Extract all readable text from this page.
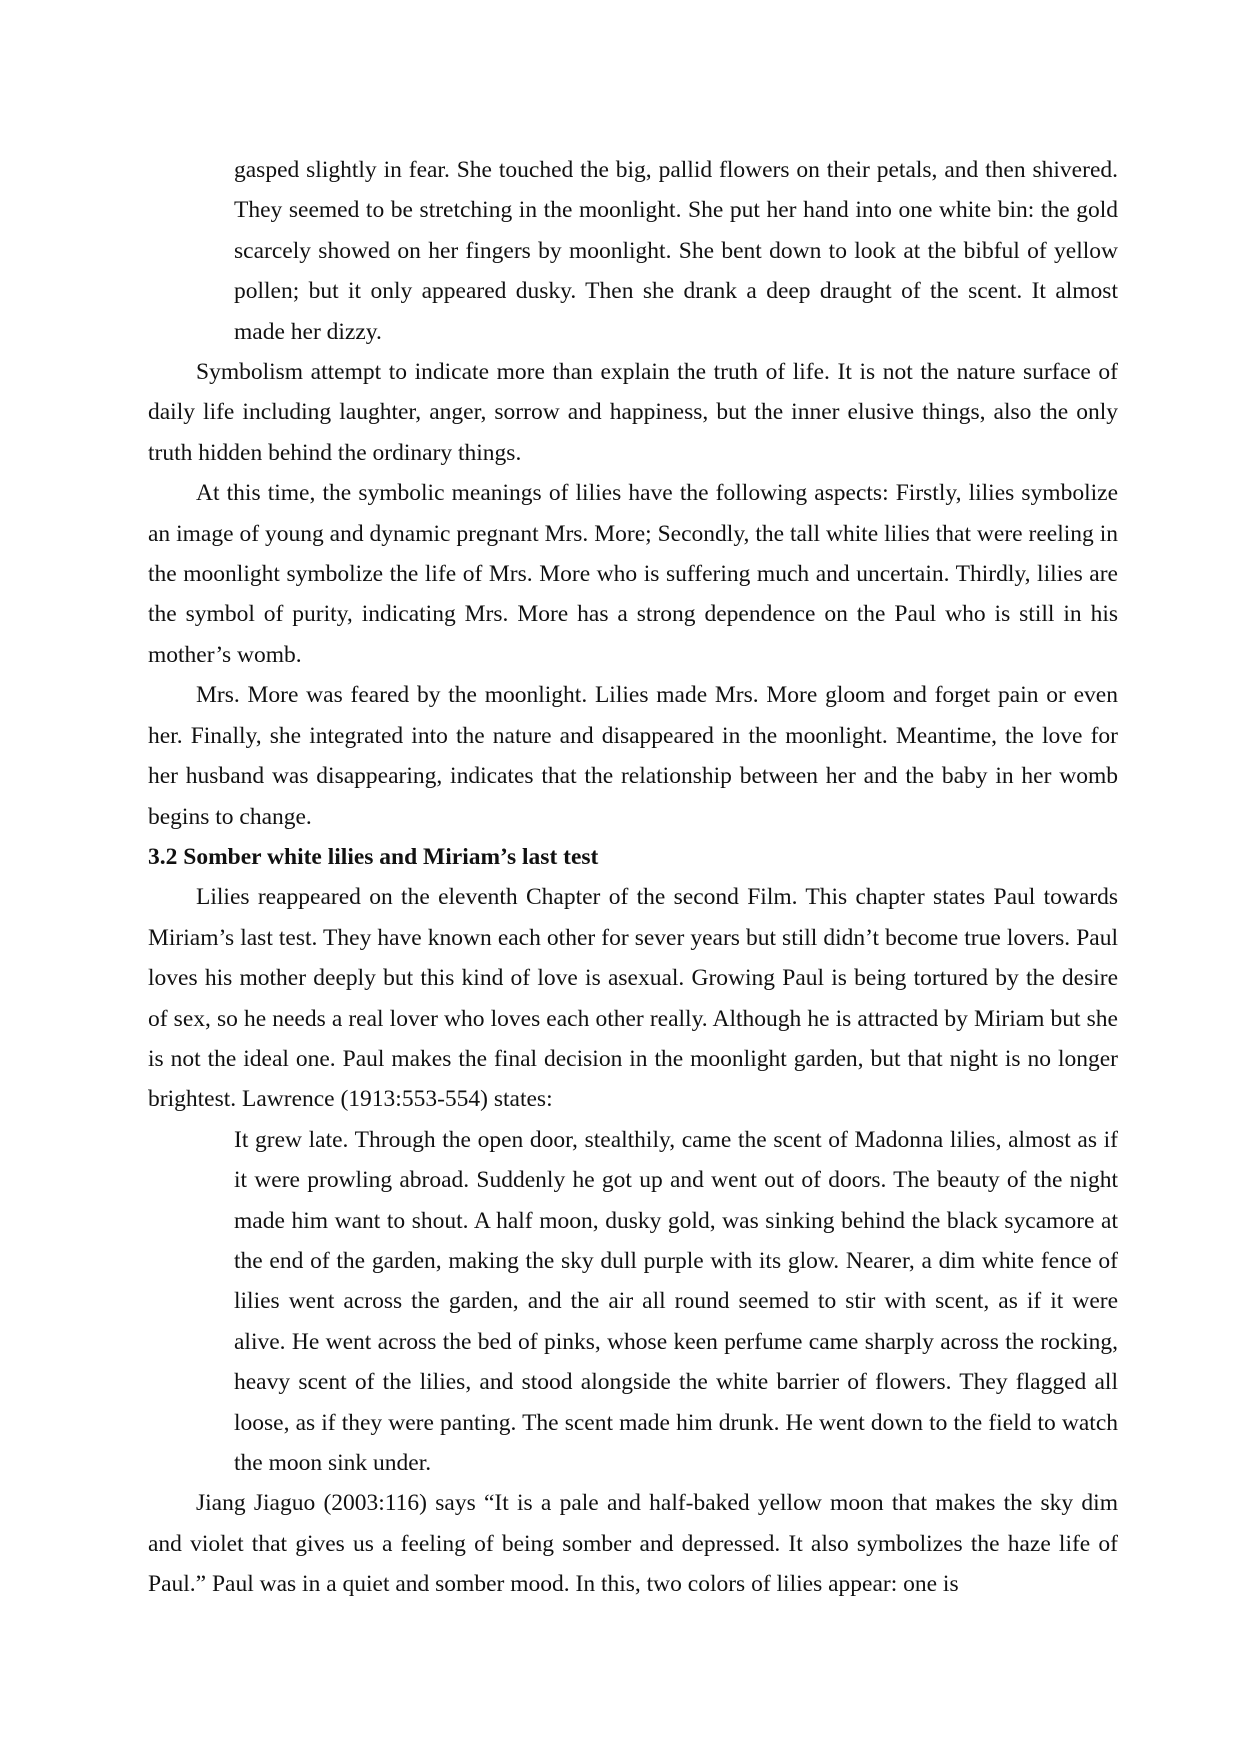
gasped slightly in fear. She touched the big, pallid flowers on their petals, and then shivered. They seemed to be stretching in the moonlight. She put her hand into one white bin: the gold scarcely showed on her fingers by moonlight. She bent down to look at the bibful of yellow pollen; but it only appeared dusky. Then she drank a deep draught of the scent. It almost made her dizzy.

Symbolism attempt to indicate more than explain the truth of life. It is not the nature surface of daily life including laughter, anger, sorrow and happiness, but the inner elusive things, also the only truth hidden behind the ordinary things.

At this time, the symbolic meanings of lilies have the following aspects: Firstly, lilies symbolize an image of young and dynamic pregnant Mrs. More; Secondly, the tall white lilies that were reeling in the moonlight symbolize the life of Mrs. More who is suffering much and uncertain. Thirdly, lilies are the symbol of purity, indicating Mrs. More has a strong dependence on the Paul who is still in his mother’s womb.

Mrs. More was feared by the moonlight. Lilies made Mrs. More gloom and forget pain or even her. Finally, she integrated into the nature and disappeared in the moonlight. Meantime, the love for her husband was disappearing, indicates that the relationship between her and the baby in her womb begins to change.

3.2 Somber white lilies and Miriam’s last test

Lilies reappeared on the eleventh Chapter of the second Film. This chapter states Paul towards Miriam’s last test. They have known each other for sever years but still didn’t become true lovers. Paul loves his mother deeply but this kind of love is asexual. Growing Paul is being tortured by the desire of sex, so he needs a real lover who loves each other really. Although he is attracted by Miriam but she is not the ideal one. Paul makes the final decision in the moonlight garden, but that night is no longer brightest. Lawrence (1913:553-554) states:

It grew late. Through the open door, stealthily, came the scent of Madonna lilies, almost as if it were prowling abroad. Suddenly he got up and went out of doors. The beauty of the night made him want to shout. A half moon, dusky gold, was sinking behind the black sycamore at the end of the garden, making the sky dull purple with its glow. Nearer, a dim white fence of lilies went across the garden, and the air all round seemed to stir with scent, as if it were alive. He went across the bed of pinks, whose keen perfume came sharply across the rocking, heavy scent of the lilies, and stood alongside the white barrier of flowers. They flagged all loose, as if they were panting. The scent made him drunk. He went down to the field to watch the moon sink under.

Jiang Jiaguo (2003:116) says “It is a pale and half-baked yellow moon that makes the sky dim and violet that gives us a feeling of being somber and depressed. It also symbolizes the haze life of Paul.” Paul was in a quiet and somber mood. In this, two colors of lilies appear: one is
